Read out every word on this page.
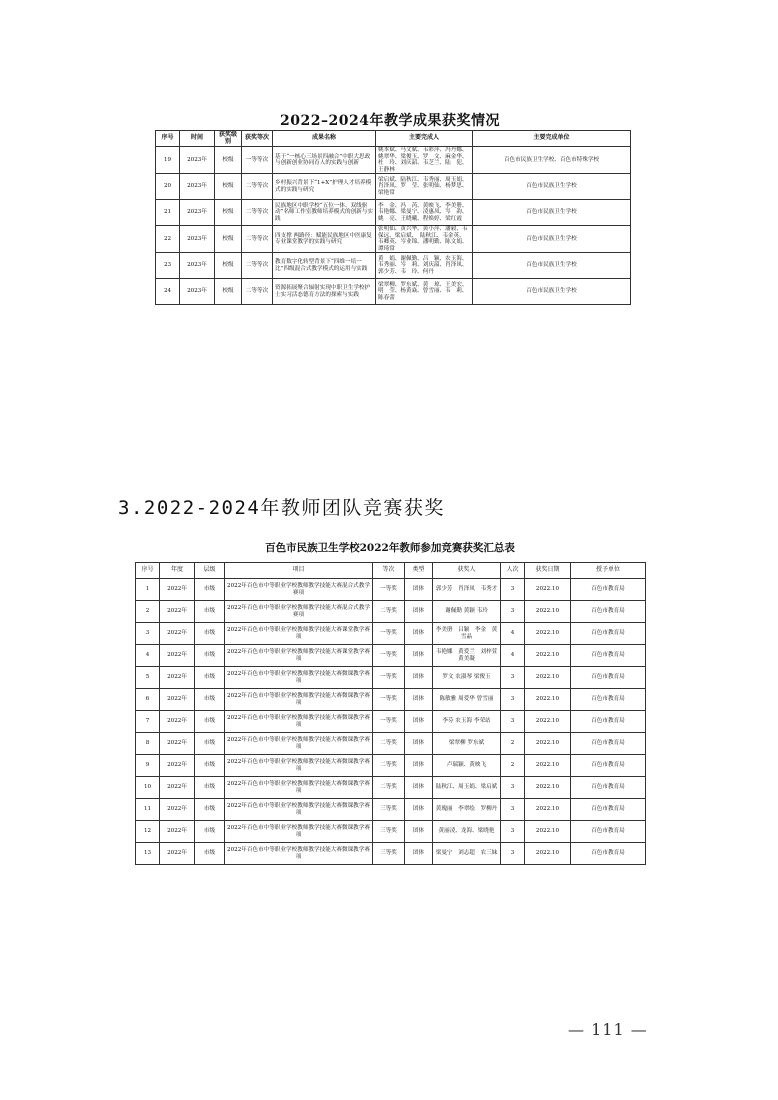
2022–2024年教学成果获奖情况
序号	时间	获奖级别	获奖等次	成果名称	主要完成人	主要完成单位
19	2023年	校级	一等等次	基于“一核心三场景四融合”中职大思政与创新创业协同育人的实践与创新	姚本斌、马文斌、韦彩萍、冯丹娜、姚翠华、梁俊玉、罗　文、麻金华、　杜　玲、刘庆韶、韦芝兰、陆　犯、王静林	百色市民族卫生学校、百色市特殊学校
20	2023年	校级	二等等次	乡村振兴背景下“1+X”护理人才培养模式的实践与研究	梁启斌、陆秋江、韦秀丽、周玉娟、肖泽凤、罗　莹、张明仙、杨梦思、梁艳常	百色市民族卫生学校
21	2023年	校级	二等等次	民族地区中职学校“五位一体、双线驱动”名师工作室教师培养模式的创新与实践	李　金、冯　芮、黄映飞、李美册、韦艳娜、梁曼宁、凌惠凤、岑　韵、姚　亮、王晓曦、程焕婷、梁红霞	百色市民族卫生学校
22	2023年	校级	二等等次	四支撑 两路径：赋能民族地区中医康复专业课堂教学的实践与研究	张明仙、黄兴华、黄小萍、潘毅、韦保远、梁启斌、　陆秋江、韦金英、韦卿英、岑业锦、潘明勤、陈文娟、谭琦常	百色市民族卫生学校
23	2023年	校级	二等等次	教育数字化转型背景下“四维一培一比”四级混合式教学模式的运用与实践	黄　娟、谢佩勤、吕　颖、农玉海、韦秀丽、岑　莉、刘庆韶、肖泽凤、郭少芳、韦　玲、何丹	百色市民族卫生学校
24	2023年	校级	二等等次	资源拓展聚合辐射实现中职卫生学校护士实习活态德育方法的探索与实践	梁翠柳、罗东斌、黄　琼、王美宏、明　莹、杨黄焱、曾雪丽、韦　莉、陈春蕾	百色市民族卫生学校
3.2022-2024年教师团队竞赛获奖
百色市民族卫生学校2022年教师参加竞赛获奖汇总表
序号	年度	层级	项目	等次	类型	获奖人	人次	获奖日期	授予单位
1	2022年	市级	2022年百色市中等职业学校教师教学技能大赛混合式教学赛项	一等奖	团体	郭少芳　肖泽凤　韦秀才	3	2022.10	百色市教育局
2	2022年	市级	2022年百色市中等职业学校教师教学技能大赛混合式教学赛项	二等奖	团体	谢佩勤 黄颖 韦玲	3	2022.10	百色市教育局
3	2022年	市级	2022年百色市中等职业学校教师教学技能大赛课堂教学赛项	一等奖	团体	李美册　吕颖　李金　黄雪晶	4	2022.10	百色市教育局
4	2022年	市级	2022年百色市中等职业学校教师教学技能大赛课堂教学赛项	一等奖	团体	韦艳娜　黄爱兰　刘梓萱　黄美凝	4	2022.10	百色市教育局
5	2022年	市级	2022年百色市中等职业学校教师教学技能大赛微课教学赛项	一等奖	团体	罗文 农淑琴 梁俊玉	3	2022.10	百色市教育局
6	2022年	市级	2022年百色市中等职业学校教师教学技能大赛微课教学赛项	一等奖	团体	陈敏雅 周爱华 曾雪丽	3	2022.10	百色市教育局
7	2022年	市级	2022年百色市中等职业学校教师教学技能大赛微课教学赛项	一等奖	团体	李芬 农玉海 李荣站	3	2022.10	百色市教育局
8	2022年	市级	2022年百色市中等职业学校教师教学技能大赛微课教学赛项	二等奖	团体	梁翠柳 罗东斌	2	2022.10	百色市教育局
9	2022年	市级	2022年百色市中等职业学校教师教学技能大赛微课教学赛项	二等奖	团体	卢瑞颖、黄映飞	2	2022.10	百色市教育局
10	2022年	市级	2022年百色市中等职业学校教师教学技能大赛微课教学赛项	二等奖	团体	陆秋江、周玉娟、梁启斌	3	2022.10	百色市教育局
11	2022年	市级	2022年百色市中等职业学校教师教学技能大赛微课教学赛项	三等奖	团体	黄瑰丽　李翠绘　罗柳丹	3	2022.10	百色市教育局
12	2022年	市级	2022年百色市中等职业学校教师教学技能大赛微课教学赛项	三等奖	团体	黄丽凌、龙海、梁晓艳	3	2022.10	百色市教育局
13	2022年	市级	2022年百色市中等职业学校教师教学技能大赛微课教学赛项	三等奖	团体	梁曼宁　刘志超　农三妹	3	2022.10	百色市教育局
— 111 —
